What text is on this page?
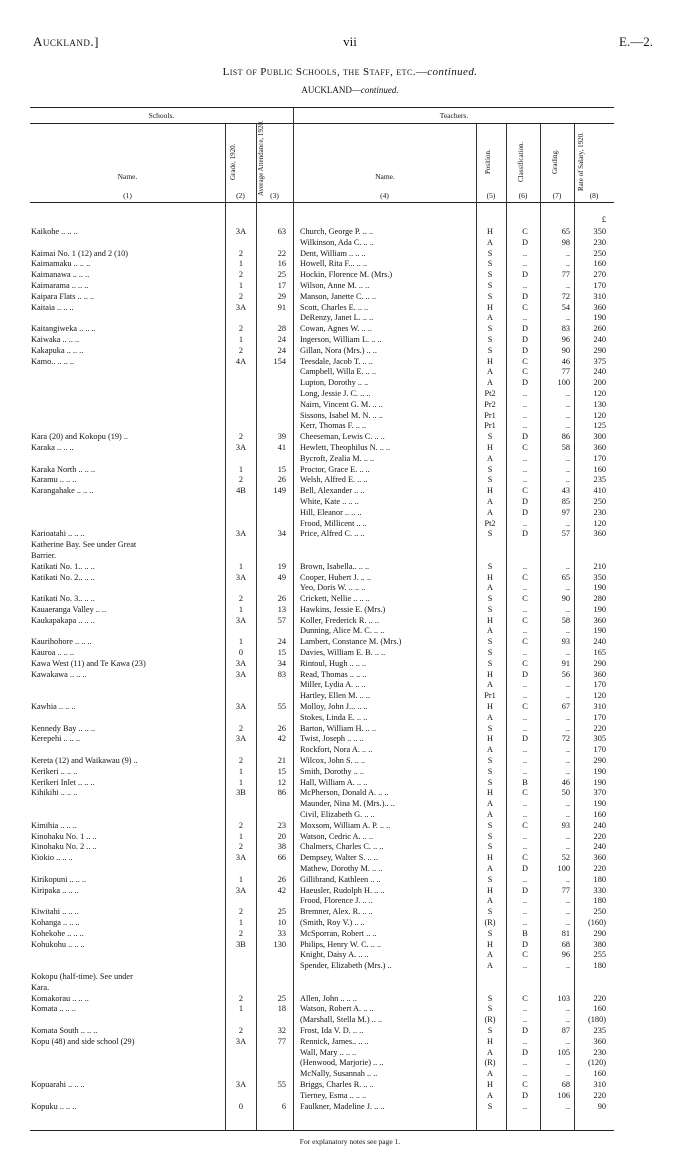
Auckland.]	vii	E.—2.
List of Public Schools, the Staff, etc.—continued.
AUCKLAND—continued.
Schools.	Teachers.
Name.	Grade, 1920.	Average Attendance, 1920.	Name.
Position.	Classification.	Grading.	Rate of Salary, 1920.
(1)	(2)	(3)	(4)	(5)	(6)	(7)	(8)
£
Kaikohe .. .. ..	3A	63 Church, George P. .. ..	H	C	65	350
Wilkinson, Ada C. .. ..	A	D	98	230
Kaimai No. 1 (12) and 2 (10)	2	22 Dent, William .. .. ..	S	..	..	250
Kaimamaku .. .. ..	1	16 Howell, Rita F... .. ..	S	..	..	160
Kaimanawa .. .. ..	2	25 Hockin, Florence M. (Mrs.)	S	D	77	270
Kaimarama .. .. ..	1	17 Wilson, Anne M. .. ..	S	..	..	170
Kaipara Flats .. .. ..	2	29 Manson, Janette C. .. ..	S	D	72	310
Kaitaia .. .. ..	3A	91 Scott, Charles E. .. ..	H	C	54	360
DeRenzy, Janet L. .. ..	A	..	..	190
Kaitangiweka .. .. ..	2	28 Cowan, Agnes W. .. ..	S	D	83	260
Kaiwaka .. .. ..	1	24 Ingerson, William L. .. ..	S	D	96	240
Kakapuka .. .. ..	2	24 Gillan, Nora (Mrs.) .. ..	S	D	90	290
Kamo.. .. .. ..	4A	154 Teesdale, Jacob T. .. ..	H	C	46	375
Campbell, Willa E. .. ..	A	C	77	240
Lupton, Dorothy .. ..	A	D	100	200
Long, Jessie J. C. .. ..	Pt2	..	..	120
Nairn, Vincent G. M. .. ..	Pr2	..	..	130
Sissons, Isabel M. N. .. ..	Pr1	..	..	120
Kerr, Thomas F. .. ..	Pr1	..	..	125
Kara (20) and Kokopu (19) ..	2	39 Cheeseman, Lewis C. .. ..	S	D	86	300
Karaka .. .. ..	3A	41 Hewlett, Theophilus N. .. ..	H	C	58	360
Bycroft, Zealia M. .. ..	A	..	..	170
Karaka North .. .. ..	1	15 Proctor, Grace E. .. ..	S	..	..	160
Karamu .. .. ..	2	26 Welsh, Alfred E. .. ..	S	..	..	235
Karangahake .. .. ..	4B	149 Bell, Alexander .. ..	H	C	43	410
White, Kate .. .. ..	A	D	85	250
Hill, Eleanor .. .. ..	A	D	97	230
Frood, Millicent .. ..	Pt2	..	..	120
Karioatahi .. .. ..	3A	34 Price, Alfred C. .. ..	S	D	57	360
Katherine Bay. See under Great
Barrier.
Katikati No. 1.. .. ..	1	19 Brown, Isabella.. .. ..	S	..	..	210
Katikati No. 2.. .. ..	3A	49 Cooper, Hubert J. .. ..	H	C	65	350
Yeo, Doris W. .. .. ..	A	..	..	190
Katikati No. 3.. .. ..	2	26 Crickett, Nellie .. .. ..	S	C	90	280
Kauaeranga Valley .. ..	1	13 Hawkins, Jessie E. (Mrs.)	S	..	..	190
Kaukapakapa .. .. ..	3A	57 Koller, Frederick R. .. ..	H	C	58	360
Dunning, Alice M. C. .. ..	A	..	..	190
Kaurihohore .. .. ..	1	24 Lambert, Constance M. (Mrs.)	S	C	93	240
Kauroa .. .. ..	0	15 Davies, William E. B. .. ..	S	..	..	165
Kawa West (11) and Te Kawa (23)	3A	34 Rintoul, Hugh .. .. ..	S	C	91	290
Kawakawa .. .. ..	3A	83 Read, Thomas .. .. ..	H	D	56	360
Miller, Lydia A. .. ..	A	..	..	170
Hartley, Ellen M. .. ..	Pr1	..	..	120
Kawhia .. .. ..	3A	55 Molloy, John J... .. ..	H	C	67	310
Stokes, Linda E. .. ..	A	..	..	170
Kennedy Bay .. .. ..	2	26 Barton, William H. .. ..	S	..	..	220
Kerepehi .. .. ..	3A	42 Twist, Joseph .. .. ..	H	D	72	305
Rockfort, Nora A. .. ..	A	..	..	170
Kereta (12) and Waikawau (9) ..	2	21 Wilcox, John S. .. ..	S	..	..	290
Kerikeri .. .. ..	1	15 Smith, Dorothy .. ..	S	..	..	190
Kerikeri Inlet .. .. ..	1	12 Hall, William A. .. ..	S	B	46	190
Kihikihi .. .. ..	3B	86 McPherson, Donald A. .. ..	H	C	50	370
Maunder, Nina M. (Mrs.).. ..	A	..	..	190
Civil, Elizabeth G. .. ..	A	..	..	160
Kimihia .. .. ..	2	23 Moxsom, William A. P. .. ..	S	C	93	240
Kinohaku No. 1 .. ..	1	20 Watson, Cedric A. .. ..	S	..	..	220
Kinohaku No. 2 .. ..	2	38 Chalmers, Charles C. .. ..	S	..	..	240
Kiokio .. .. ..	3A	66 Dempsey, Walter S. .. ..	H	C	52	360
Mathew, Dorothy M. .. ..	A	D	100	220
Kirikopuni .. .. ..	1	26 Gillibrand, Kathleen .. ..	S	..	..	180
Kiripaka .. .. ..	3A	42 Haeusler, Rudolph H. .. ..	H	D	77	330
Frood, Florence J. .. ..	A	..	..	180
Kiwitahi .. .. ..	2	25 Bremner, Alex. R. .. ..	S	..	..	250
Kohanga .. .. ..	1	10 (Smith, Roy V.) .. ..	(R)	..	..	(160)
Kohekohe .. .. ..	2	33 McSporran, Robert .. ..	S	B	81	290
Kohukohu .. .. ..	3B	130 Philips, Henry W. C. .. ..	H	D	68	380
Knight, Daisy A. .. ..	A	C	96	255
Spender, Elizabeth (Mrs.) ..	A	..	..	180
Kokopu (half-time). See under
Kara.
Komakorau .. .. ..	2	25 Allen, John .. .. ..	S	C	103	220
Komata .. .. ..	1	18 Watson, Robert A. .. ..	S	..	..	160
(Marshall, Stella M.) .. ..	(R)	..	..	(180)
Komata South .. .. ..	2	32 Frost, Ida V. D. .. ..	S	D	87	235
Kopu (48) and side school (29)	3A	77 Rennick, James.. .. ..	H	..	..	360
Wall, Mary .. .. ..	A	D	105	230
(Henwood, Marjorie) .. ..	(R)	..	..	(120)
McNally, Susannah .. ..	A	..	..	160
Kopuarahi .. .. ..	3A	55 Briggs, Charles R. .. ..	H	C	68	310
Tierney, Esma .. .. ..	A	D	106	220
Kopuku .. .. ..	0	6 Faulkner, Madeline J. .. ..	S	..	..	90
For explanatory notes see page 1.
